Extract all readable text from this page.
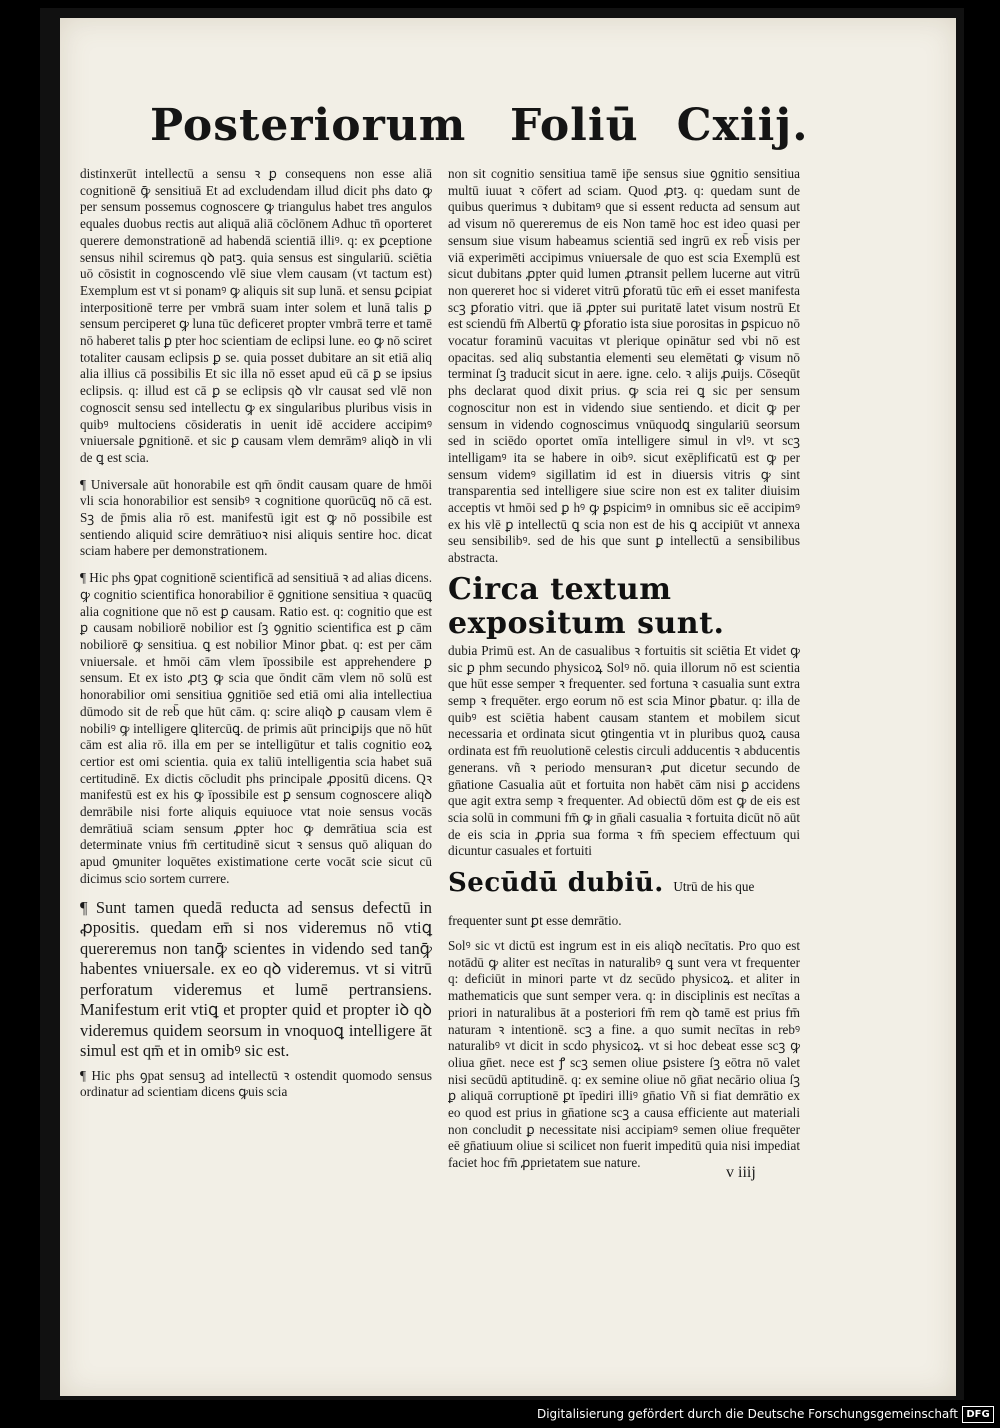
Posteriorum Foliū Cxiij.

distinxerūt intellectū a sensu ꝛ ꝑ consequens non esse aliā cognitionē ꝙ̄ sensitiuā Et ad excludendam illud dicit phs dato ꝙ per sensum possemus cognoscere ꝙ triangulus habet tres angulos equales duobus rectis aut aliquā aliā cōclōnem Adhuc tn̄ oporteret querere demonstrationē ad habendā scientiā illiꝰ. q: ex ꝑceptione sensus nihil sciremus qꝺ patꝫ. quia sensus est singulariū. sciētia uō cōsistit in cognoscendo vlē siue vlem causam (vt tactum est) Exemplum est vt si ponamꝰ ꝙ aliquis sit sup lunā. et sensu ꝑcipiat interpositionē terre per vmbrā suam inter solem et lunā talis ꝑ sensum perciperet ꝙ luna tūc deficeret propter vmbrā terre et tamē nō haberet talis ꝑ pter hoc scientiam de eclipsi lune. eo ꝙ nō sciret totaliter causam eclipsis ꝑ se. quia posset dubitare an sit etiā aliq alia illius cā possibilis Et sic illa nō esset apud eū cā ꝑ se ipsius eclipsis. q: illud est cā ꝑ se eclipsis qꝺ vlr causat sed vlē non cognoscit sensu sed intellectu ꝙ ex singularibus pluribus visis in quibꝰ multociens cōsideratis in uenit idē accidere accipimꝰ vniuersale ꝑgnitionē. et sic ꝑ causam vlem demrāmꝰ aliqꝺ in vli de ꝗ est scia.

¶ Universale aūt honorabile est qm̄ ōndit causam quare de hmōi vli scia honorabilior est sensibꝰ ꝛ cognitione quorūcūꝗ nō cā est. Sꝫ de p̄mis alia rō est. manifestū igit est ꝙ nō possibile est sentiendo aliquid scire demrātiuoꝛ nisi aliquis sentire hoc. dicat sciam habere per demonstrationem.

¶ Hic phs ꝯpat cognitionē scientificā ad sensitiuā ꝛ ad alias dicens. ꝙ cognitio scientifica honorabilior ē ꝯgnitione sensitiua ꝛ quacūꝗ alia cognitione que nō est ꝑ causam. Ratio est. q: cognitio que est ꝑ causam nobiliorē nobilior est ſꝫ ꝯgnitio scientifica est ꝑ cām nobiliorē ꝙ sensitiua. ꝗ est nobilior Minor ꝑbat. q: est per cām vniuersale. et hmōi cām vlem īpossibile est apprehendere ꝑ sensum. Et ex isto ꝓtꝫ ꝙ scia que ōndit cām vlem nō solū est honorabilior omi sensitiua ꝯgnitiōe sed etiā omi alia intellectiua dūmodo sit de reb̄ que hūt cām. q: scire aliqꝺ ꝑ causam vlem ē nobiliꝰ ꝙ intelligere ꝗlitercūꝗ. de primis aūt princiꝑijs que nō hūt cām est alia rō. illa em per se intelligūtur et talis cognitio eoꝝ certior est omi scientia. quia ex taliū intelligentia scia habet suā certitudinē. Ex dictis cōcludit phs principale ꝓpositū dicens. Qꝛ manifestū est ex his ꝙ īpossibile est ꝑ sensum cognoscere aliqꝺ demrābile nisi forte aliquis equiuoce vtat noie sensus vocās demrātiuā sciam sensum ꝓpter hoc ꝙ demrātiua scia est determinate vnius fm̄ certitudinē sicut ꝛ sensus quō aliquan do apud ꝯmuniter loquētes existimatione certe vocāt scie sicut cū dicimus scio sortem currere.

¶ Sunt tamen quedā reducta ad sensus defectū in ꝓpositis. quedam em̄ si nos videremus nō vtiꝗ quereremus non tanꝙ̄ scientes in videndo sed tanꝙ̄ habentes vniuersale. ex eo qꝺ videremus. vt si vitrū perforatum videremus et lumē pertransiens. Manifestum erit vtiꝗ et propter quid et propter iꝺ qꝺ videremus quidem seorsum in vnoquoꝗ intelligere āt simul est qm̄ et in omibꝰ sic est.

¶ Hic phs ꝯpat sensuꝫ ad intellectū ꝛ ostendit quomodo sensus ordinatur ad scientiam dicens ꝙuis scia

non sit cognitio sensitiua tamē ip̄e sensus siue ꝯgnitio sensitiua multū iuuat ꝛ cōfert ad sciam. Quod ꝓtꝫ. q: quedam sunt de quibus querimus ꝛ dubitamꝰ que si essent reducta ad sensum aut ad visum nō quereremus de eis Non tamē hoc est ideo quasi per sensum siue visum habeamus scientiā sed ingrū ex reb̄ visis per viā experimēti accipimus vniuersale de quo est scia Exemplū est sicut dubitans ꝓpter quid lumen ꝓtransit pellem lucerne aut vitrū non quereret hoc si videret vitrū ꝑforatū tūc em̄ ei esset manifesta scꝫ ꝑforatio vitri. que iā ꝓpter sui puritatē latet visum nostrū Et est sciendū fm̄ Albertū ꝙ ꝑforatio ista siue porositas in ꝑspicuo nō vocatur foraminū vacuitas vt plerique opinātur sed vbi nō est opacitas. sed aliq substantia elementi seu elemētati ꝙ visum nō terminat ſꝫ traducit sicut in aere. igne. celo. ꝛ alijs ꝓuijs. Cōseqūt phs declarat quod dixit prius. ꝙ scia rei ꝗ sic per sensum cognoscitur non est in videndo siue sentiendo. et dicit ꝙ per sensum in videndo cognoscimus vnūquodꝗ singulariū seorsum sed in sciēdo oportet omīa intelligere simul in vlꝰ. vt scꝫ intelligamꝰ ita se habere in oibꝰ. sicut exēplificatū est ꝙ per sensum videmꝰ sigillatim id est in diuersis vitris ꝙ sint transparentia sed intelligere siue scire non est ex taliter diuisim acceptis vt hmōi sed ꝑ hꝰ ꝙ ꝑspicimꝰ in omnibus sic eē accipimꝰ ex his vlē ꝑ intellectū ꝗ scia non est de his ꝗ accipiūt vt annexa seu sensibilibꝰ. sed de his que sunt ꝑ intellectū a sensibilibus abstracta.

Circa textum expositum sunt.

dubia Primū est. An de casualibus ꝛ fortuitis sit sciētia Et videt ꝙ sic ꝑ phm secundo physicoꝝ Solꝰ nō. quia illorum nō est scientia que hūt esse semper ꝛ frequenter. sed fortuna ꝛ casualia sunt extra semp ꝛ frequēter. ergo eorum nō est scia Minor ꝑbatur. q: illa de quibꝰ est sciētia habent causam stantem et mobilem sicut necessaria et ordinata sicut ꝯtingentia vt in pluribus quoꝝ causa ordinata est fm̄ reuolutionē celestis circuli adducentis ꝛ abducentis generans. vñ ꝛ periodo mensuranꝛ ꝓut dicetur secundo de gn̄atione Casualia aūt et fortuita non habēt cām nisi ꝑ accidens que agit extra semp ꝛ frequenter. Ad obiectū dōm est ꝙ de eis est scia solū in communi fm̄ ꝙ in gn̄ali casualia ꝛ fortuita dicūt nō aūt de eis scia in ꝓpria sua forma ꝛ fm̄ speciem effectuum qui dicuntur casuales et fortuiti

Secūdū dubiū. Utrū de his que frequenter sunt ꝑt esse demrātio.

Solꝰ sic vt dictū est ingrum est in eis aliqꝺ necītatis. Pro quo est notādū ꝙ aliter est necītas in naturalibꝰ ꝗ sunt vera vt frequenter q: deficiūt in minori parte vt dz secūdo physicoꝝ. et aliter in mathematicis que sunt semper vera. q: in disciplinis est necītas a priori in naturalibus āt a posteriori fm̄ rem qꝺ tamē est prius fm̄ naturam ꝛ intentionē. scꝫ a fine. a quo sumit necītas in rebꝰ naturalibꝰ vt dicit in scdo physicoꝝ. vt si hoc debeat esse scꝫ ꝙ oliua gn̄et. nece est ꝭ scꝫ semen oliue ꝑsistere ſꝫ eōtra nō valet nisi secūdū aptitudinē. q: ex semine oliue nō gn̄at necārio oliua ſꝫ ꝑ aliquā corruptionē ꝑt īpediri illiꝰ gn̄atio Vñ si fiat demrātio ex eo quod est prius in gn̄atione scꝫ a causa efficiente aut materiali non concludit ꝑ necessitate nisi accipiamꝰ semen oliue frequēter eē gn̄atiuum oliue si scilicet non fuerit impeditū quia nisi impediat faciet hoc fm̄ ꝓprietatem sue nature.

v iiij
Digitalisierung gefördert durch die Deutsche Forschungsgemeinschaft DFG
